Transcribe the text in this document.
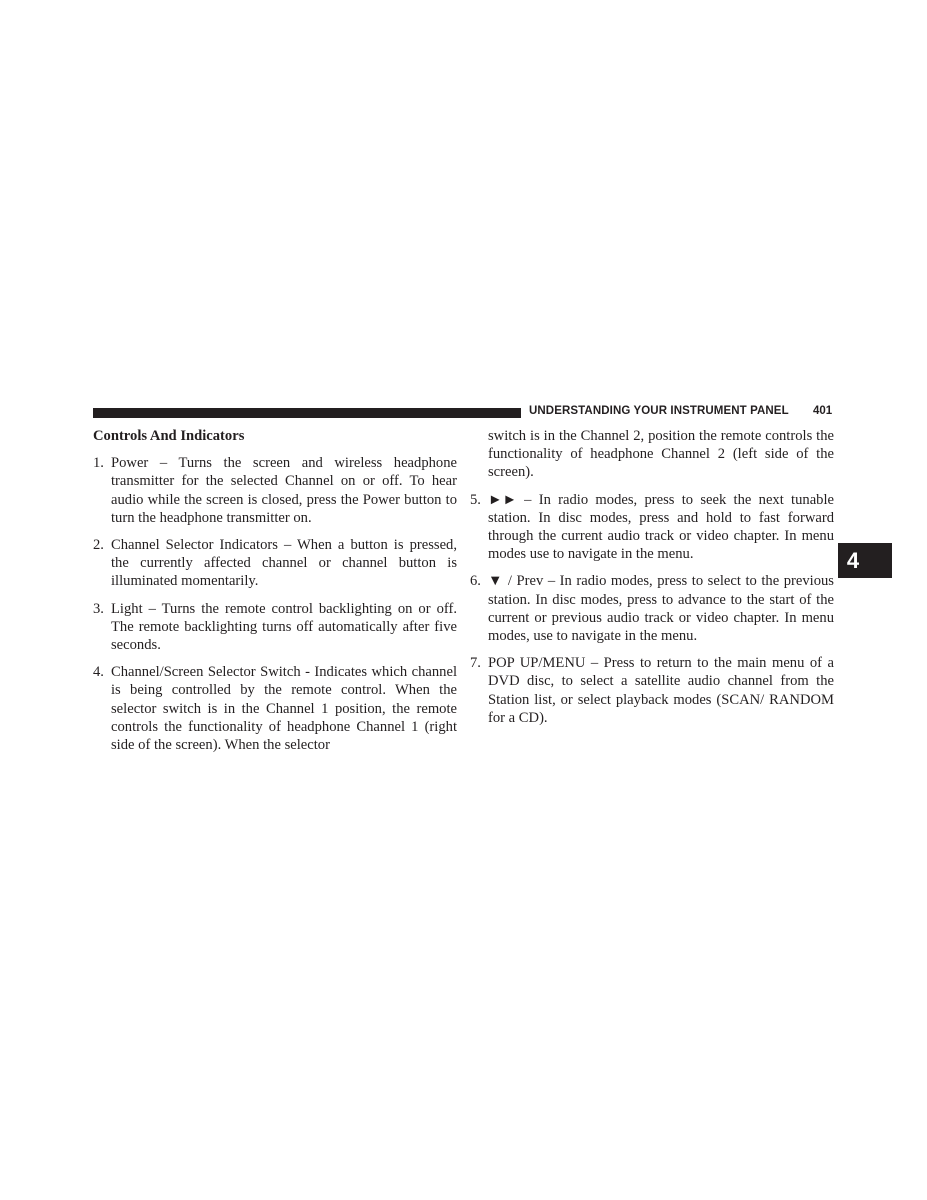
UNDERSTANDING YOUR INSTRUMENT PANEL 401
4
Controls And Indicators
1. Power – Turns the screen and wireless headphone transmitter for the selected Channel on or off. To hear audio while the screen is closed, press the Power button to turn the headphone transmitter on.
2. Channel Selector Indicators – When a button is pressed, the currently affected channel or channel button is illuminated momentarily.
3. Light – Turns the remote control backlighting on or off. The remote backlighting turns off automatically after five seconds.
4. Channel/Screen Selector Switch - Indicates which channel is being controlled by the remote control. When the selector switch is in the Channel 1 position, the remote controls the functionality of headphone Channel 1 (right side of the screen). When the selector
switch is in the Channel 2, position the remote controls the functionality of headphone Channel 2 (left side of the screen).
5. ►► – In radio modes, press to seek the next tunable station. In disc modes, press and hold to fast forward through the current audio track or video chapter. In menu modes use to navigate in the menu.
6. ▼ / Prev – In radio modes, press to select to the previous station. In disc modes, press to advance to the start of the current or previous audio track or video chapter. In menu modes, use to navigate in the menu.
7. POP UP/MENU – Press to return to the main menu of a DVD disc, to select a satellite audio channel from the Station list, or select playback modes (SCAN/ RANDOM for a CD).
